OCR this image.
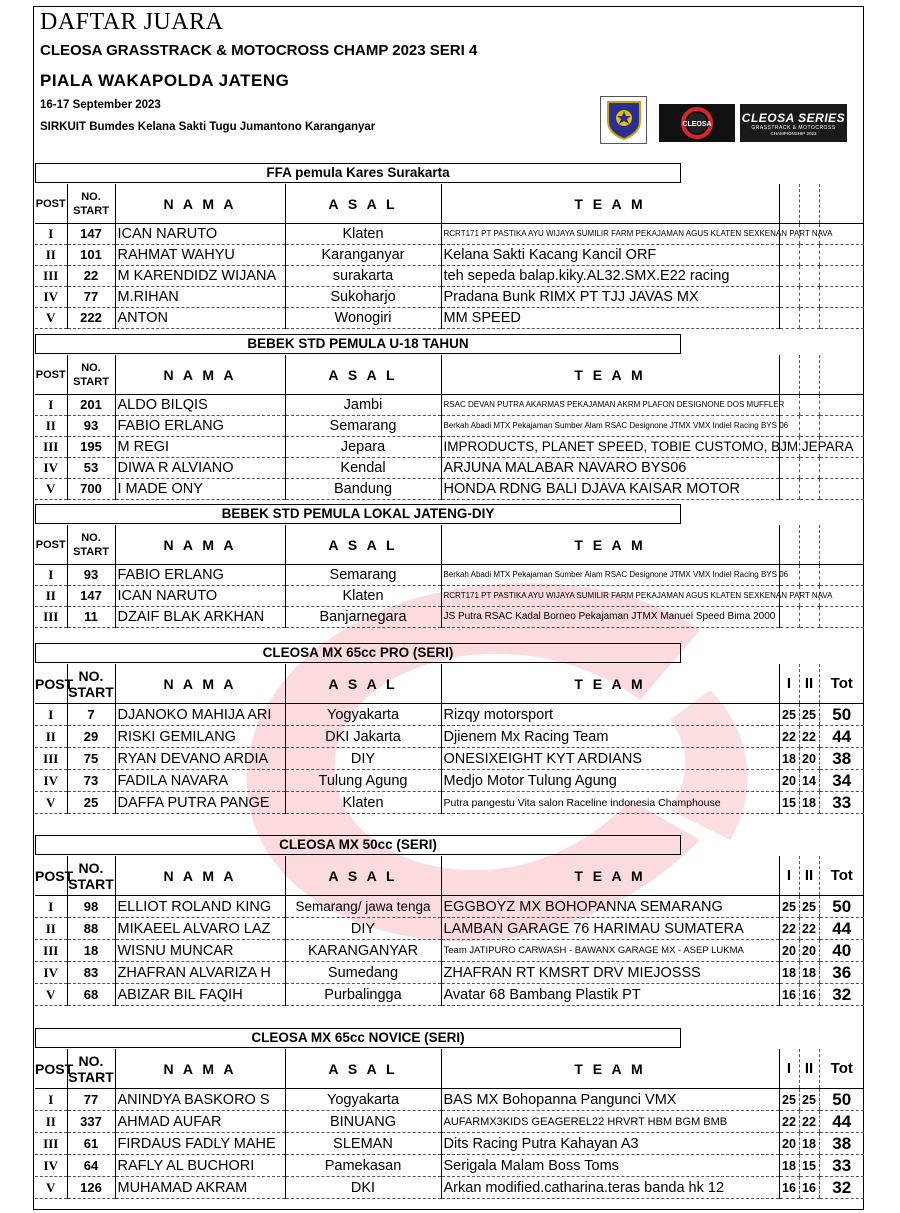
DAFTAR JUARA
CLEOSA GRASSTRACK & MOTOCROSS CHAMP 2023 SERI 4
PIALA WAKAPOLDA JATENG
16-17 September 2023
SIRKUIT Bumdes Kelana Sakti Tugu Jumantono Karanganyar	CLEOSA	CLEOSA SERIES
GRASSTRACK & MOTOCROSS
CHAMPIONSHIP 2023
FFA pemula Kares Surakarta
POST	NO.
START	N A M A	A S A L	T E A M			
I	147	ICAN NARUTO	Klaten	RCRT171 PT PASTIKA AYU WIJAYA SUMILIR FARM PEKAJAMAN AGUS KLATEN SEXKENAN PART NAVA			
II	101	RAHMAT WAHYU	Karanganyar	Kelana Sakti Kacang Kancil ORF			
III	22	M KARENDIDZ WIJANA	surakarta	teh sepeda balap.kiky.AL32.SMX.E22 racing			
IV	77	M.RIHAN	Sukoharjo	Pradana Bunk RIMX PT TJJ JAVAS MX			
V	222	ANTON	Wonogiri	MM SPEED			
BEBEK STD PEMULA U-18 TAHUN
POST	NO.
START	N A M A	A S A L	T E A M			
I	201	ALDO BILQIS	Jambi	RSAC DEVAN PUTRA AKARMAS PEKAJAMAN AKRM PLAFON DESIGNONE DOS MUFFLER			
II	93	FABIO ERLANG	Semarang	Berkah Abadi MTX Pekajaman Sumber Alam RSAC Designone JTMX VMX Indiel Racing BYS 06			
III	195	M REGI	Jepara	IMPRODUCTS, PLANET SPEED, TOBIE CUSTOMO, BJM JEPARA			
IV	53	DIWA R ALVIANO	Kendal	ARJUNA MALABAR NAVARO BYS06			
V	700	I MADE ONY	Bandung	HONDA RDNG BALI DJAVA KAISAR MOTOR			
BEBEK STD PEMULA LOKAL JATENG-DIY
POST	NO.
START	N A M A	A S A L	T E A M			
I	93	FABIO ERLANG	Semarang	Berkah Abadi MTX Pekajaman Sumber Alam RSAC Designone JTMX VMX Indiel Racing BYS 06			
II	147	ICAN NARUTO	Klaten	RCRT171 PT PASTIKA AYU WIJAYA SUMILIR FARM PEKAJAMAN AGUS KLATEN SEXKENAN PART NAVA			
III	11	DZAIF BLAK ARKHAN	Banjarnegara	JS Putra RSAC Kadal Borneo Pekajaman JTMX Manuel Speed Bima 2000			
CLEOSA MX 65cc PRO (SERI)
POST	NO.
START	N A M A	A S A L	T E A M	I	II	Tot
I	7	DJANOKO MAHIJA ARI	Yogyakarta	Rizqy motorsport	25	25	50
II	29	RISKI GEMILANG	DKI Jakarta	Djienem Mx Racing Team	22	22	44
III	75	RYAN DEVANO ARDIA	DIY	ONESIXEIGHT KYT ARDIANS	18	20	38
IV	73	FADILA NAVARA	Tulung Agung	Medjo Motor Tulung Agung	20	14	34
V	25	DAFFA PUTRA PANGE	Klaten	Putra pangestu Vita salon Raceline indonesia Champhouse	15	18	33
CLEOSA MX 50cc (SERI)
POST	NO.
START	N A M A	A S A L	T E A M	I	II	Tot
I	98	ELLIOT ROLAND KING	Semarang/ jawa tenga	EGGBOYZ MX BOHOPANNA SEMARANG	25	25	50
II	88	MIKAEEL ALVARO LAZ	DIY	LAMBAN GARAGE 76 HARIMAU SUMATERA	22	22	44
III	18	WISNU MUNCAR	KARANGANYAR	Team JATIPURO CARWASH - BAWANX GARAGE MX - ASEP LUKMA	20	20	40
IV	83	ZHAFRAN ALVARIZA H	Sumedang	ZHAFRAN RT KMSRT DRV MIEJOSSS	18	18	36
V	68	ABIZAR BIL FAQIH	Purbalingga	Avatar 68 Bambang Plastik PT	16	16	32
CLEOSA MX 65cc NOVICE (SERI)
POST	NO.
START	N A M A	A S A L	T E A M	I	II	Tot
I	77	ANINDYA BASKORO S	Yogyakarta	BAS MX Bohopanna Pangunci VMX	25	25	50
II	337	AHMAD AUFAR	BINUANG	AUFARMX3KIDS GEAGEREL22 HRVRT HBM BGM BMB	22	22	44
III	61	FIRDAUS FADLY MAHE	SLEMAN	Dits Racing Putra Kahayan A3	20	18	38
IV	64	RAFLY AL BUCHORI	Pamekasan	Serigala Malam Boss Toms	18	15	33
V	126	MUHAMAD AKRAM	DKI	Arkan modified.catharina.teras banda hk 12	16	16	32
